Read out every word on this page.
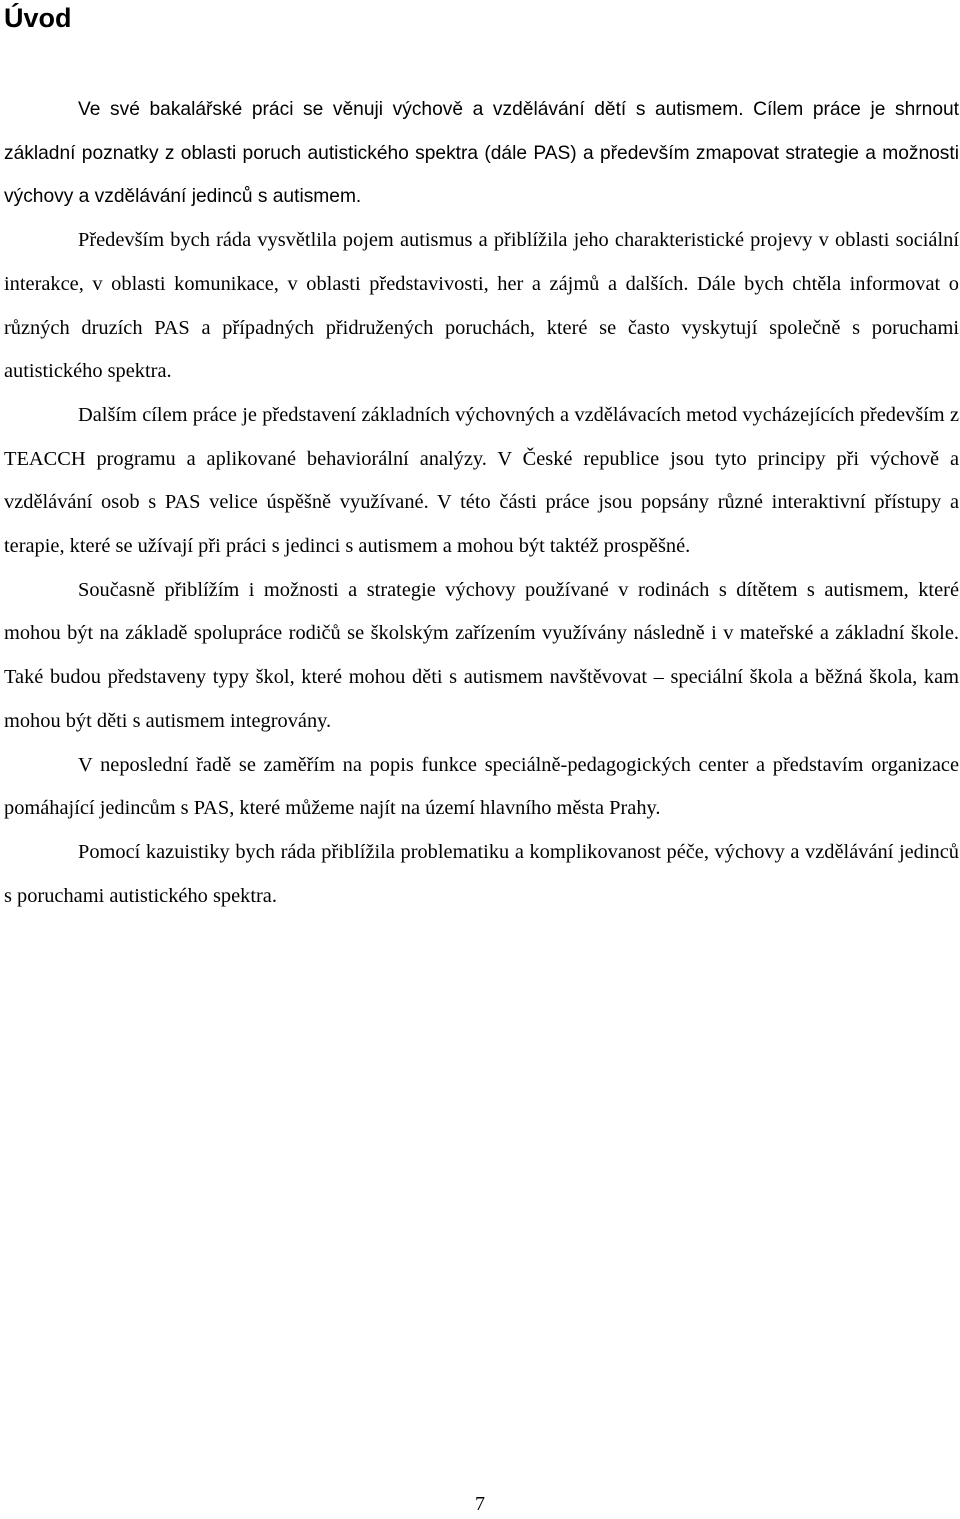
Úvod

Ve své bakalářské práci se věnuji výchově a vzdělávání dětí s autismem. Cílem práce je shrnout základní poznatky z oblasti poruch autistického spektra (dále PAS) a především zmapovat strategie a možnosti výchovy a vzdělávání jedinců s autismem.

Především bych ráda vysvětlila pojem autismus a přiblížila jeho charakteristické projevy v oblasti sociální interakce, v oblasti komunikace, v oblasti představivosti, her a zájmů a dalších. Dále bych chtěla informovat o různých druzích PAS a případných přidružených poruchách, které se často vyskytují společně s poruchami autistického spektra.

Dalším cílem práce je představení základních výchovných a vzdělávacích metod vycházejících především z TEACCH programu a aplikované behaviorální analýzy. V České republice jsou tyto principy při výchově a vzdělávání osob s PAS velice úspěšně využívané. V této části práce jsou popsány různé interaktivní přístupy a terapie, které se užívají při práci s jedinci s autismem a mohou být taktéž prospěšné.

Současně přiblížím i možnosti a strategie výchovy používané v rodinách s dítětem s autismem, které mohou být na základě spolupráce rodičů se školským zařízením využívány následně i v mateřské a základní škole. Také budou představeny typy škol, které mohou děti s autismem navštěvovat – speciální škola a běžná škola, kam mohou být děti s autismem integrovány.

V neposlední řadě se zaměřím na popis funkce speciálně-pedagogických center a představím organizace pomáhající jedincům s PAS, které můžeme najít na území hlavního města Prahy.

Pomocí kazuistiky bych ráda přiblížila problematiku a komplikovanost péče, výchovy a vzdělávání jedinců s poruchami autistického spektra.

7
